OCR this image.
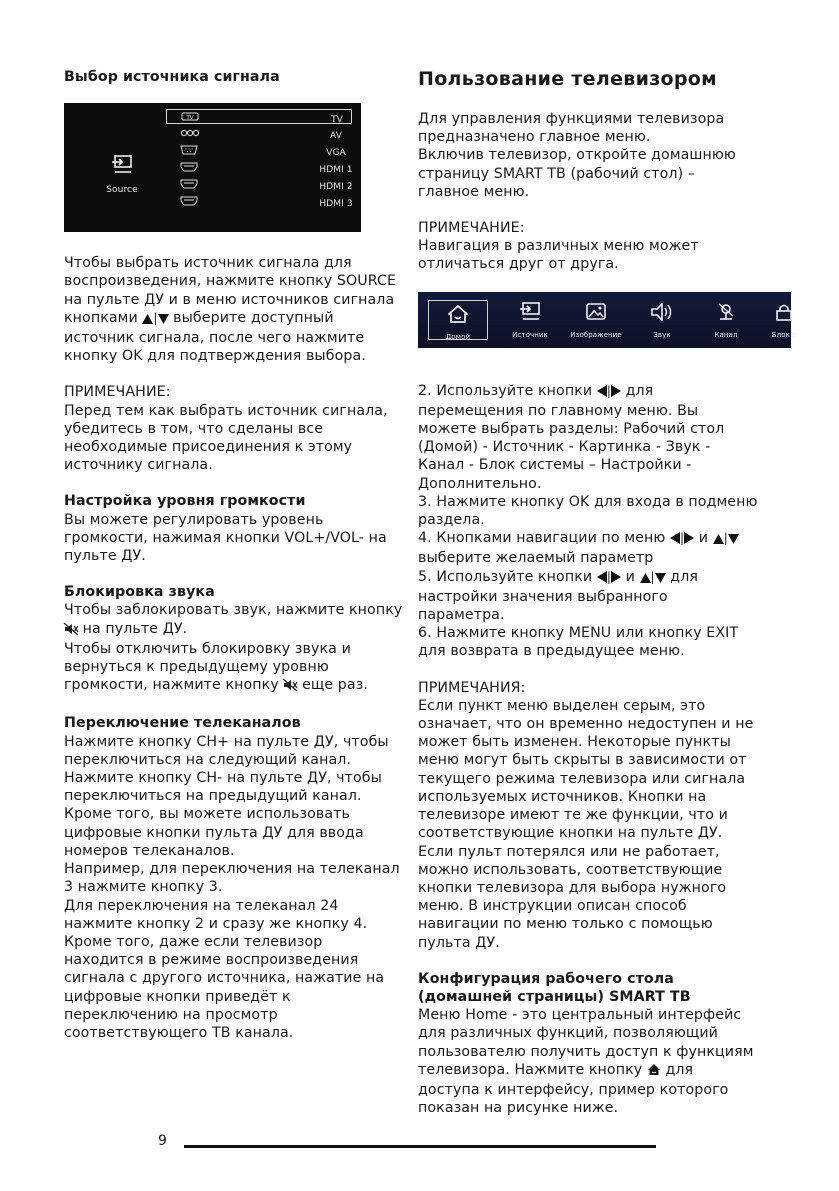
Выбор источника сигнала

Source
TV	TV
AV
VGA
HDMI 1
HDMI 2
HDMI 3

Чтобы выбрать источник сигнала для воспроизведения, нажмите кнопку SOURCE на пульте ДУ и в меню источников сигнала кнопками | выберите доступный источник сигнала, после чего нажмите кнопку OK для подтверждения выбора.

ПРИМЕЧАНИЕ:

Перед тем как выбрать источник сигнала, убедитесь в том, что сделаны все необходимые присоединения к этому источнику сигнала.

Настройка уровня громкости

Вы можете регулировать уровень громкости, нажимая кнопки VOL+/VOL- на пульте ДУ.

Блокировка звука

Чтобы заблокировать звук, нажмите кнопку  на пульте ДУ.

Чтобы отключить блокировку звука и вернуться к предыдущему уровню громкости, нажмите кнопку  еще раз.

Переключение телеканалов

Нажмите кнопку CH+ на пульте ДУ, чтобы переключиться на следующий канал. Нажмите кнопку CH- на пульте ДУ, чтобы переключиться на предыдущий канал. Кроме того, вы можете использовать цифровые кнопки пульта ДУ для ввода номеров телеканалов.

Например, для переключения на телеканал 3 нажмите кнопку 3.

Для переключения на телеканал 24 нажмите кнопку 2 и сразу же кнопку 4.

Кроме того, даже если телевизор находится в режиме воспроизведения сигнала с другого источника, нажатие на цифровые кнопки приведёт к переключению на просмотр соответствующего ТВ канала.

Пользование телевизором

Для управления функциями телевизора предназначено главное меню.

Включив телевизор, откройте домашнюю страницу SMART ТВ (рабочий стол) – главное меню.

ПРИМЕЧАНИЕ:

Навигация в различных меню может отличаться друг от друга.

Домой	Источник	Изображение	Звук	Канал	Блок с

2. Используйте кнопки | для перемещения по главному меню. Вы можете выбрать разделы: Рабочий стол (Домой) - Источник - Картинка - Звук - Канал - Блок системы – Настройки - Дополнительно.

3. Нажмите кнопку OK для входа в подменю раздела.

4. Кнопками навигации по меню | и | выберите желаемый параметр

5. Используйте кнопки | и | для настройки значения выбранного параметра.

6. Нажмите кнопку MENU или кнопку EXIT для возврата в предыдущее меню.

ПРИМЕЧАНИЯ:

Если пункт меню выделен серым, это означает, что он временно недоступен и не может быть изменен. Некоторые пункты меню могут быть скрыты в зависимости от текущего режима телевизора или сигнала используемых источников. Кнопки на телевизоре имеют те же функции, что и соответствующие кнопки на пульте ДУ. Если пульт потерялся или не работает, можно использовать, соответствующие кнопки телевизора для выбора нужного меню. В инструкции описан способ навигации по меню только с помощью пульта ДУ.

Конфигурация рабочего стола (домашней страницы) SMART ТВ

Меню Home - это центральный интерфейс для различных функций, позволяющий пользователю получить доступ к функциям телевизора. Нажмите кнопку  для доступа к интерфейсу, пример которого показан на рисунке ниже.

9
